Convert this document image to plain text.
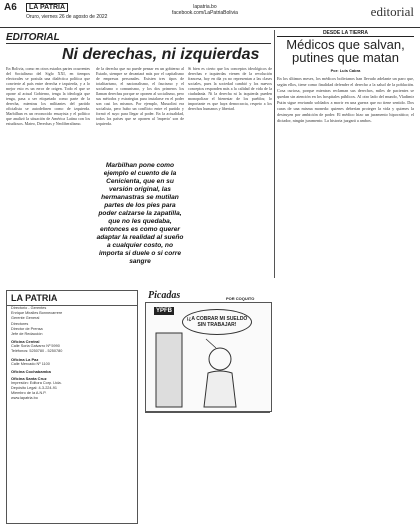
A6	LA PATRIA
Oruro, viernes 26 de agosto de 2022
lapatria.bo
facebook.com/LaPatriaBolivia	editorial
EDITORIAL
Ni derechas, ni izquierdas
En Bolivia, como en otros estados partes ocurrentes del Socialismo del Siglo XXI, en tiempos electorales se postula una dialéctica política que convierte al país entre derecha e izquierda, y a lo mejor esto es un error de origen. Todo el que se opone al actual Gobierno, tenga la ideología que tenga, pasa a ser etiquetado como parte de la derecha, mientras los militantes del partido oficialista se autodefinen como de izquierda. Marbilhan es un reconocido ensayista y el político que analizó la situación de América Latina con los estudiosos. Mateo, Derechas y Neoliberalismo.
de la derecha que no puede pensar en un gobierno al Estado, siempre se decantará más por el capitalismo de empresas personales. Existen tres tipos de totalitarismo, el nacionalismo, el fascismo y el socialismo o comunismo, y los dos primeros los llaman derechas porque se oponen al socialismo, pero sus métodos y estrategias para instalarse en el poder son casi los mismos. Por ejemplo, Mussolini era socialista, pero hubo un conflicto entre el partido y formó el suyo para llegar al poder. En la actualidad, todos los países que se oponen al 'imperio' son de izquierda.
Marbilhan pone como ejemplo el cuento de la Cenicienta, que en su versión original, las hermanastras se mutilan partes de los pies para poder calzarse la zapatilla, que no les quedaba, entonces es como querer adaptar la realidad al sueño a cualquier costo, no importa si duele o si corre sangre
Si bien es cierto que los conceptos ideológicos de derechas e izquierdas vienen de la revolución francesa, hoy en día ya no representan a las clases sociales, pues la sociedad cambió y los nuevos conceptos responden más a la calidad de vida de la ciudadanía. Ni la derecha ni la izquierda pueden monopolizar el bienestar de los pueblos; lo importante es que haya democracia, respeto a los derechos humanos y libertad.
DESDE LA TIERRA
Médicos que salvan, putines que matan
Por: Luis Cabra
En los últimos meses, los médicos bolivianos han llevado adelante un paro que, según ellos, tiene como finalidad defender el derecho a la salud de la población. Cosa curiosa, porque mientras reclaman sus derechos, miles de pacientes se quedan sin atención en los hospitales públicos. Al otro lado del mundo, Vladimir Putin sigue enviando soldados a morir en una guerra que no tiene sentido. Dos caras de una misma moneda: quienes deberían proteger la vida y quienes la destruyen por ambición de poder. El médico hizo un juramento hipocrático; el dictador, ningún juramento. La historia juzgará a ambos.
LA PATRIA
Directorio - Gerentes
Enrique Miralles Bonnecarrere
Gerente General
Directores
Director de Prensa
Jefe de Redacción
Oficina Central
Calle Soria Galvarro Nº 5990
Teléfonos: 5250780 - 5250780
Oficina La Paz
Calle Mercado Nº 1100
Oficina Cochabamba
Oficina Santa Cruz
Impresión: Editora Corp. Ltda.
Depósito Legal: 4-3-224-91
Miembro de la A.N.P.
www.lapatria.bo
Picadas	POR COQUITO
YPFB
¡¿A COBRAR MI SUELDO SIN TRABAJAR!
